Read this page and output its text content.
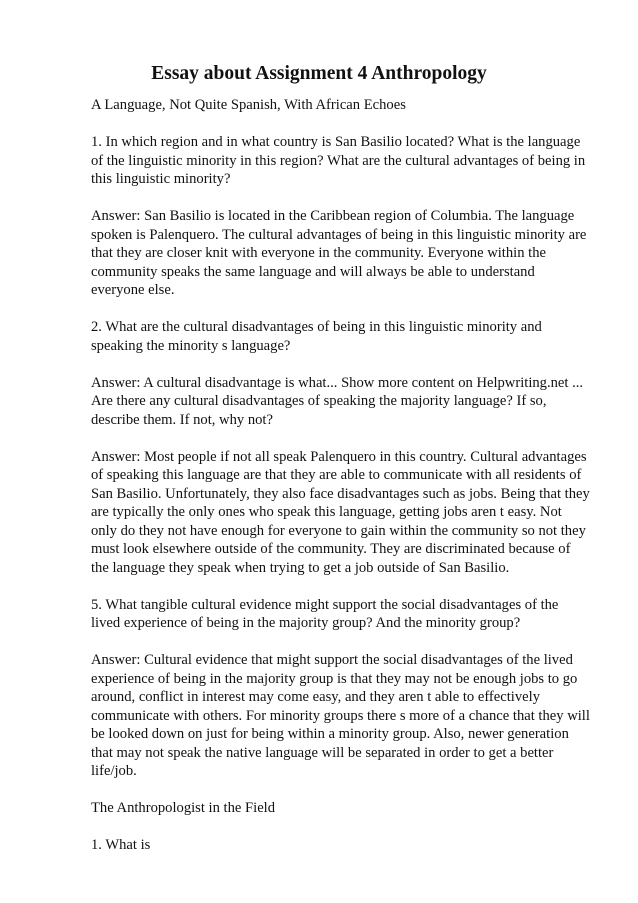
Essay about Assignment 4 Anthropology

A Language, Not Quite Spanish, With African Echoes

1. In which region and in what country is San Basilio located? What is the language of the linguistic minority in this region? What are the cultural advantages of being in this linguistic minority?

Answer: San Basilio is located in the Caribbean region of Columbia. The language spoken is Palenquero. The cultural advantages of being in this linguistic minority are that they are closer knit with everyone in the community. Everyone within the community speaks the same language and will always be able to understand everyone else.

2. What are the cultural disadvantages of being in this linguistic minority and speaking the minority s language?

Answer: A cultural disadvantage is what... Show more content on Helpwriting.net ... Are there any cultural disadvantages of speaking the majority language? If so, describe them. If not, why not?

Answer: Most people if not all speak Palenquero in this country. Cultural advantages of speaking this language are that they are able to communicate with all residents of San Basilio. Unfortunately, they also face disadvantages such as jobs. Being that they are typically the only ones who speak this language, getting jobs aren t easy. Not only do they not have enough for everyone to gain within the community so not they must look elsewhere outside of the community. They are discriminated because of the language they speak when trying to get a job outside of San Basilio.

5. What tangible cultural evidence might support the social disadvantages of the lived experience of being in the majority group? And the minority group?

Answer: Cultural evidence that might support the social disadvantages of the lived experience of being in the majority group is that they may not be enough jobs to go around, conflict in interest may come easy, and they aren t able to effectively communicate with others. For minority groups there s more of a chance that they will be looked down on just for being within a minority group. Also, newer generation that may not speak the native language will be separated in order to get a better life/job.

The Anthropologist in the Field

1. What is
